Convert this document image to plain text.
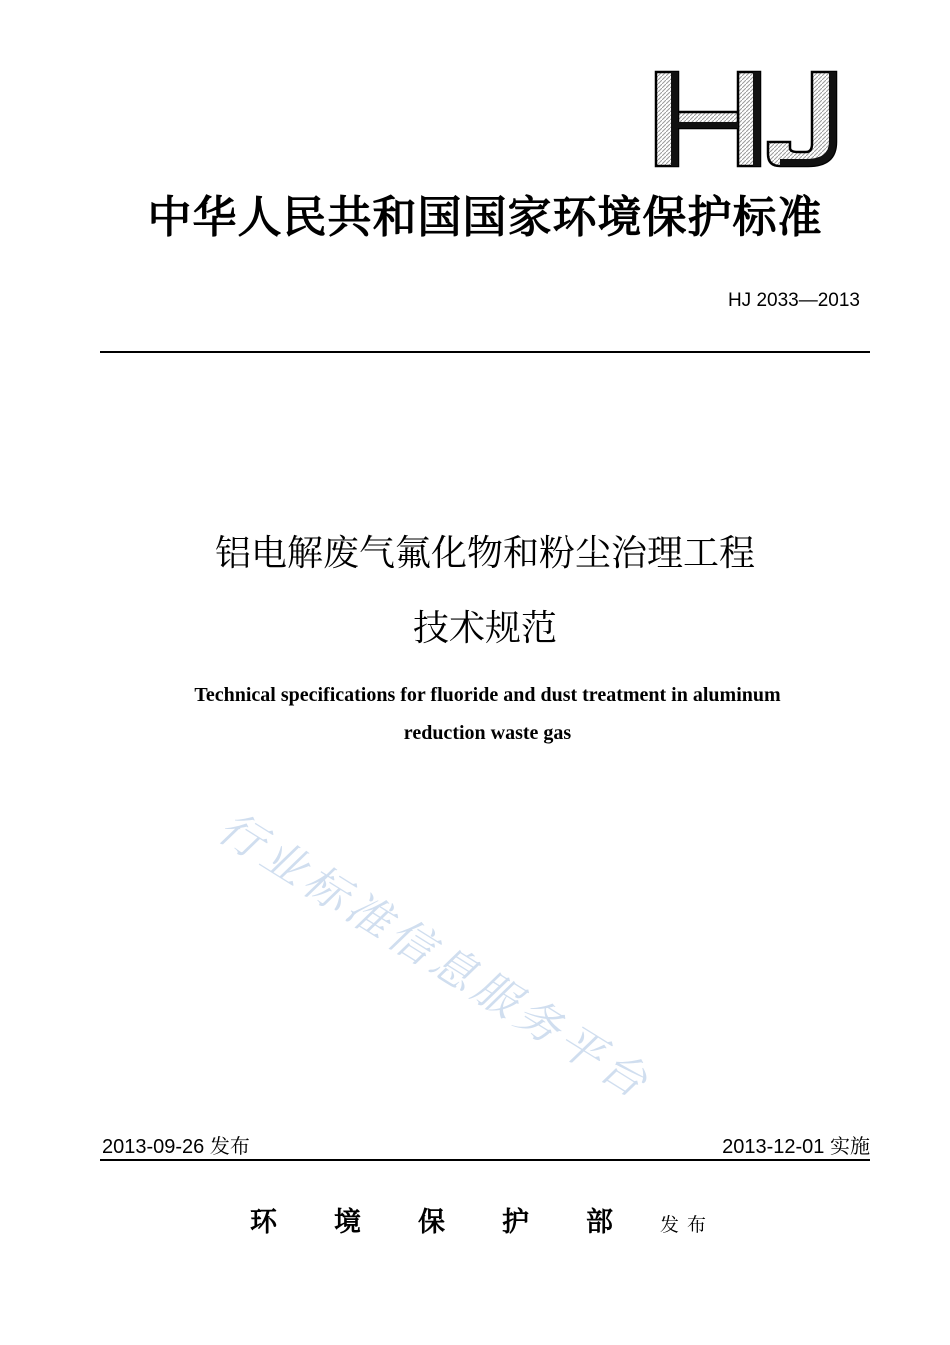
中华人民共和国国家环境保护标准
HJ 2033—2013
铝电解废气氟化物和粉尘治理工程
技术规范
Technical specifications for fluoride and dust treatment in aluminum
reduction waste gas
行业标准信息服务平台
2013-09-26 发布	2013-12-01 实施
环 境 保 护 部 发布
